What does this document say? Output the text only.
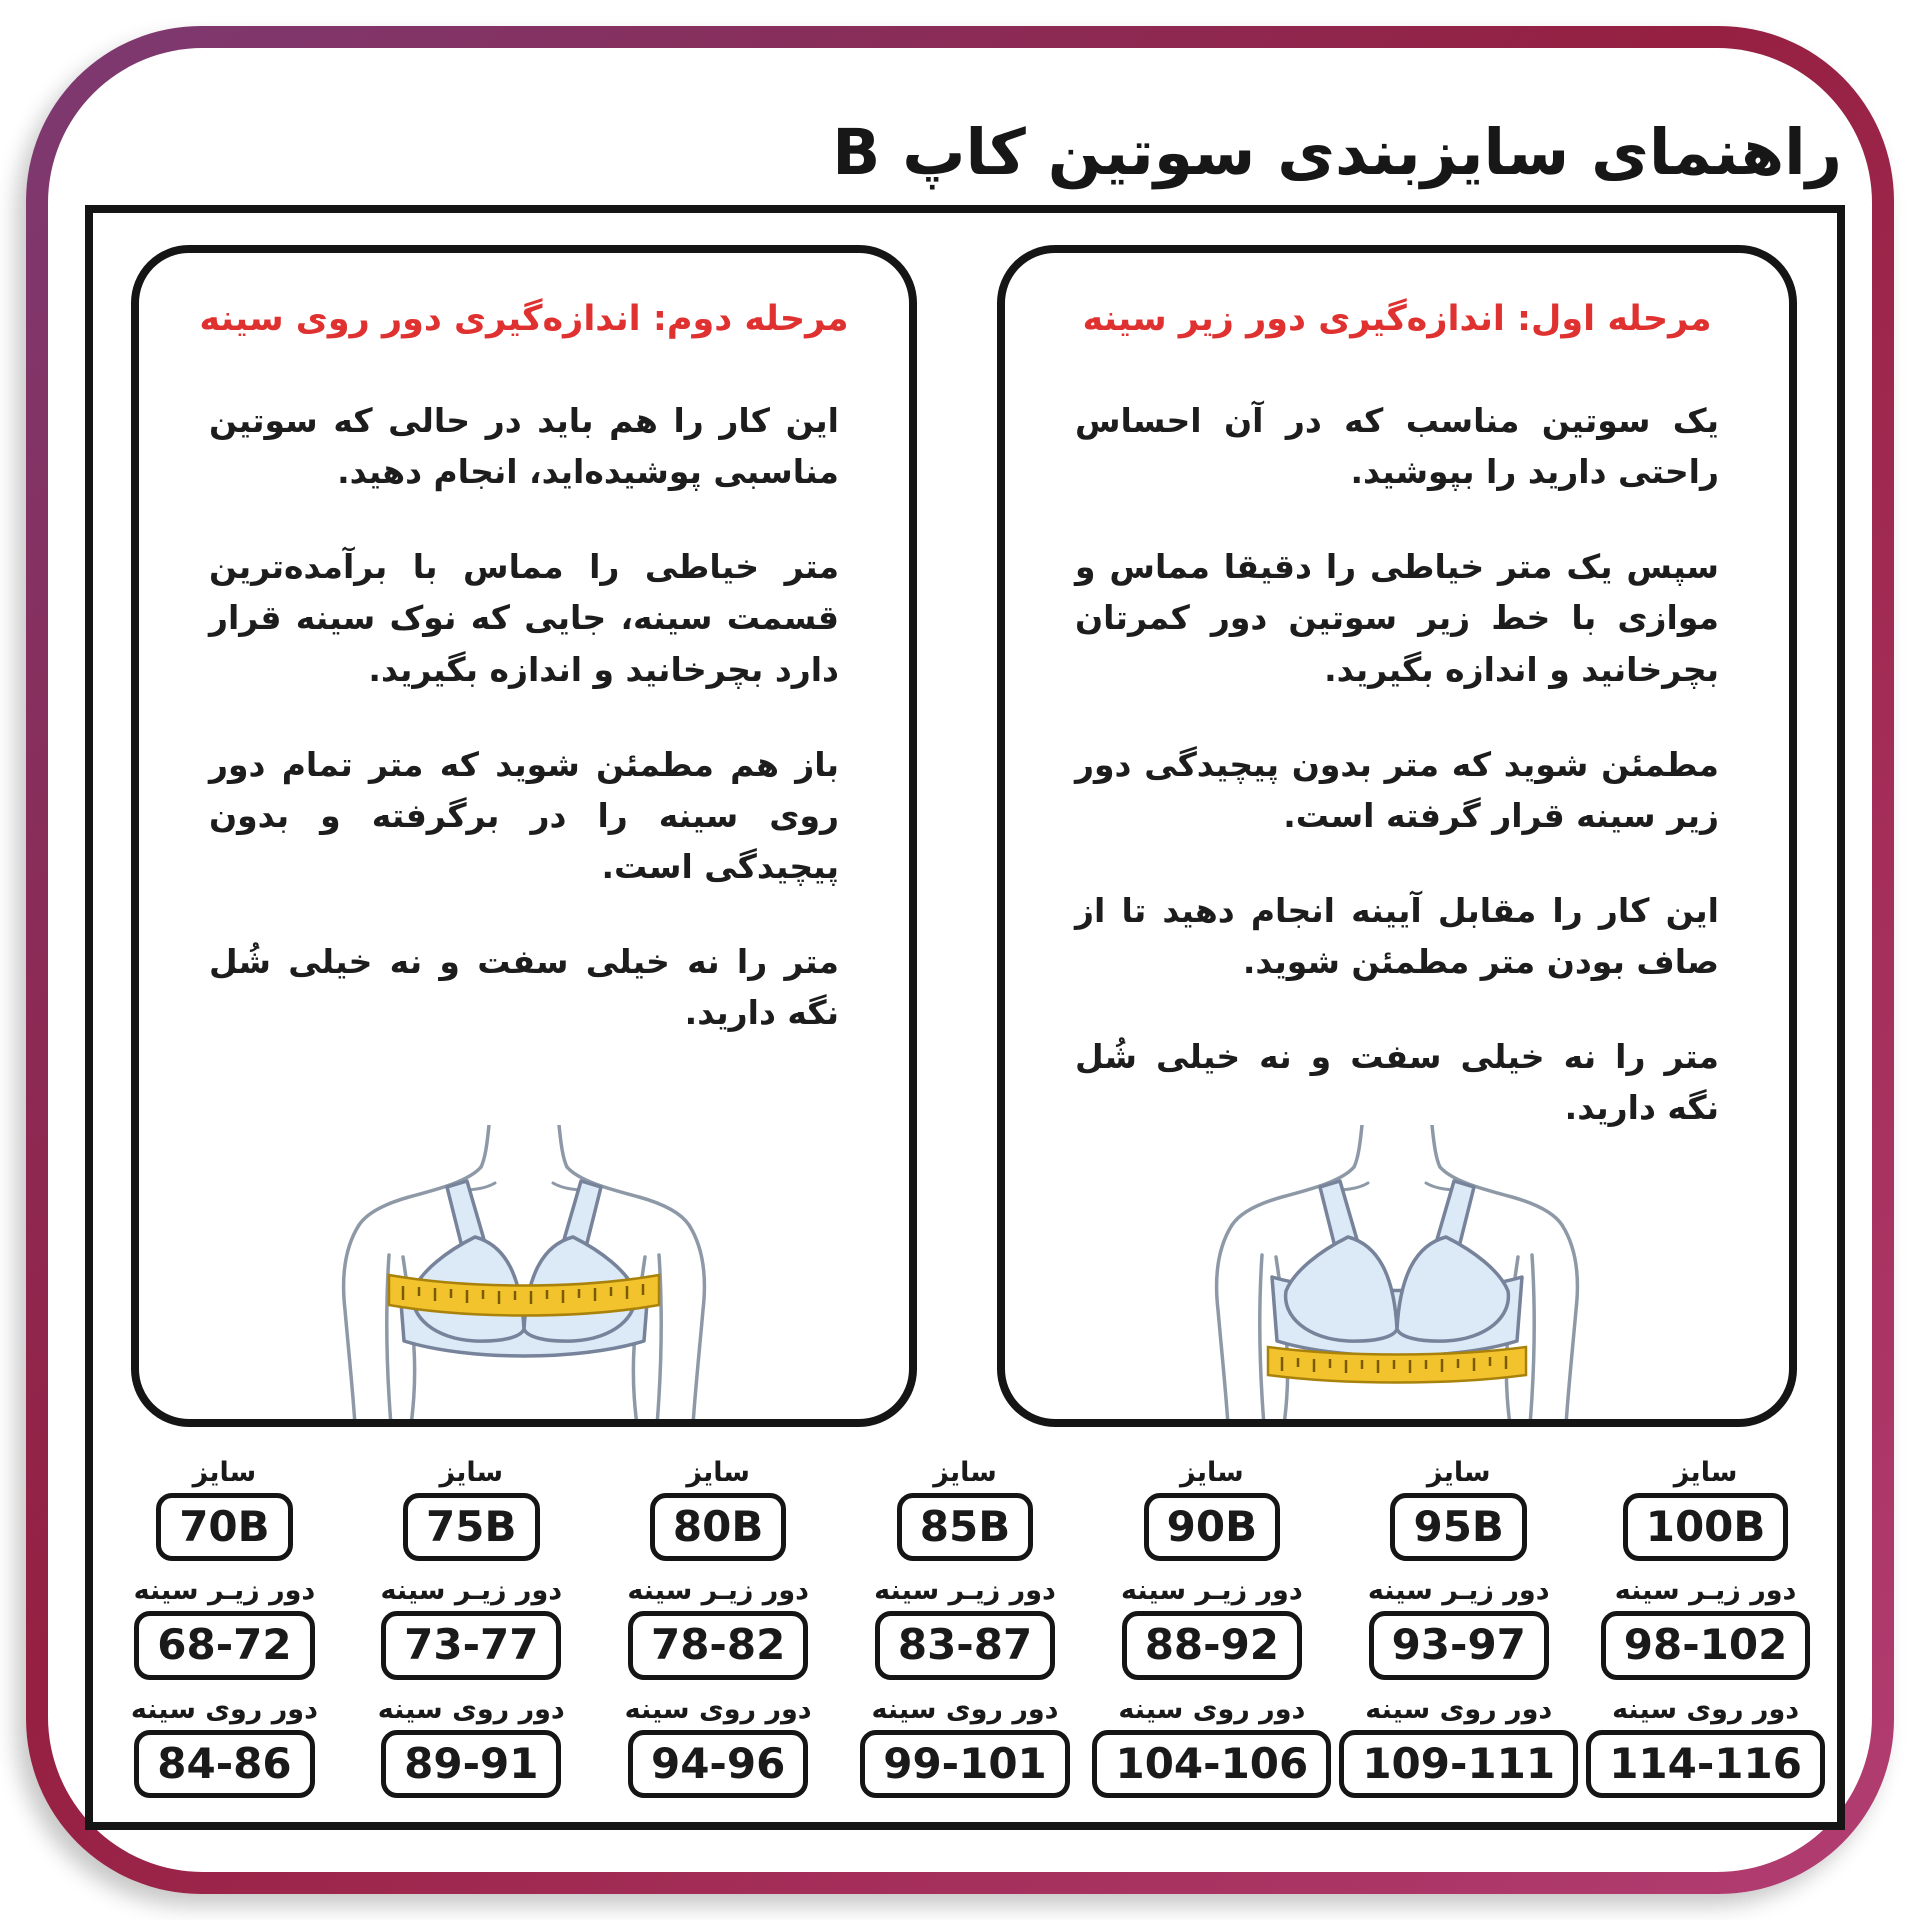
راهنمای سایزبندی سوتین کاپ B
مرحله اول: اندازه‌گیری دور زیر سینه

یک سوتین مناسب که در آن احساس راحتی دارید را بپوشید.

سپس یک متر خیاطی را دقیقا مماس و موازی با خط زیر سوتین دور کمرتان بچرخانید و اندازه بگیرید.

مطمئن شوید که متر بدون پیچیدگی دور زیر سینه قرار گرفته است.

این کار را مقابل آیینه انجام دهید تا از صاف بودن متر مطمئن شوید.

متر را نه خیلی سفت و نه خیلی شُل نگه دارید.

مرحله دوم: اندازه‌گیری دور روی سینه

این کار را هم باید در حالی که سوتین مناسبی پوشیده‌اید، انجام دهید.

متر خیاطی را مماس با برآمده‌ترین قسمت سینه، جایی که نوک سینه قرار دارد بچرخانید و اندازه بگیرید.

باز هم مطمئن شوید که متر تمام دور روی سینه را در برگرفته و بدون پیچیدگی است.

متر را نه خیلی سفت و نه خیلی شُل نگه دارید.

سایز
70B
دور زیـر سینه
68-72
دور روی سینه
84-86
سایز
75B
دور زیـر سینه
73-77
دور روی سینه
89-91
سایز
80B
دور زیـر سینه
78-82
دور روی سینه
94-96
سایز
85B
دور زیـر سینه
83-87
دور روی سینه
99-101
سایز
90B
دور زیـر سینه
88-92
دور روی سینه
104-106
سایز
95B
دور زیـر سینه
93-97
دور روی سینه
109-111
سایز
100B
دور زیـر سینه
98-102
دور روی سینه
114-116
